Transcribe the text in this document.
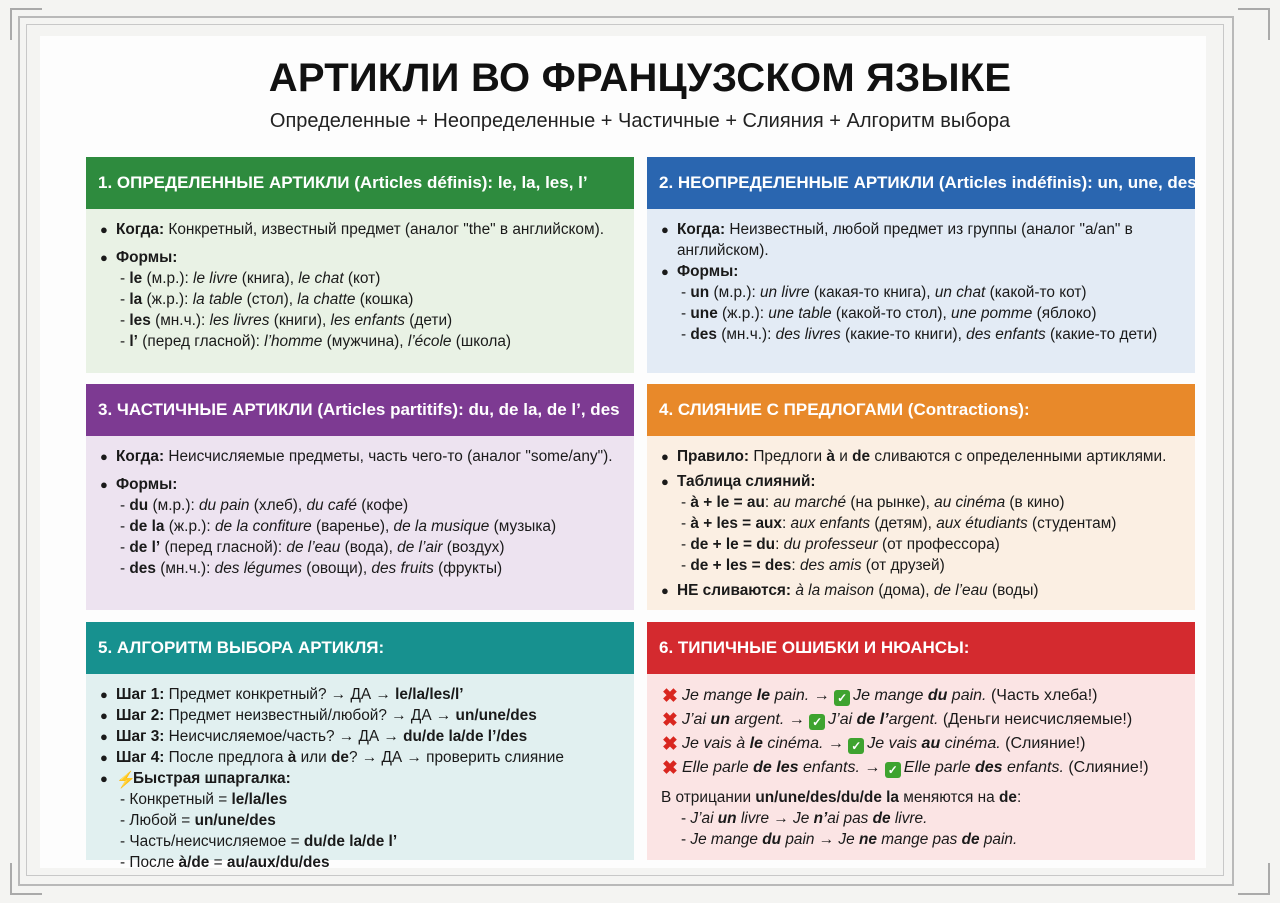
АРТИКЛИ ВО ФРАНЦУЗСКОМ ЯЗЫКЕ
Определенные + Неопределенные + Частичные + Слияния + Алгоритм выбора
1. ОПРЕДЕЛЕННЫЕ АРТИКЛИ (Articles définis): le, la, les, l’
● Когда: Конкретный, известный предмет (аналог "the" в английском).
● Формы:
- le (м.р.): le livre (книга), le chat (кот)
- la (ж.р.): la table (стол), la chatte (кошка)
- les (мн.ч.): les livres (книги), les enfants (дети)
- l’ (перед гласной): l’homme (мужчина), l’école (школа)
2. НЕОПРЕДЕЛЕННЫЕ АРТИКЛИ (Articles indéfinis): un, une, des
● Когда: Неизвестный, любой предмет из группы (аналог "a/an" в английском).
● Формы:
- un (м.р.): un livre (какая-то книга), un chat (какой-то кот)
- une (ж.р.): une table (какой-то стол), une pomme (яблоко)
- des (мн.ч.): des livres (какие-то книги), des enfants (какие-то дети)
3. ЧАСТИЧНЫЕ АРТИКЛИ (Articles partitifs): du, de la, de l’, des
● Когда: Неисчисляемые предметы, часть чего-то (аналог "some/any").
● Формы:
- du (м.р.): du pain (хлеб), du café (кофе)
- de la (ж.р.): de la confiture (варенье), de la musique (музыка)
- de l’ (перед гласной): de l’eau (вода), de l’air (воздух)
- des (мн.ч.): des légumes (овощи), des fruits (фрукты)
4. СЛИЯНИЕ С ПРЕДЛОГАМИ (Contractions):
● Правило: Предлоги à и de сливаются с определенными артиклями.
● Таблица слияний:
- à + le = au: au marché (на рынке), au cinéma (в кино)
- à + les = aux: aux enfants (детям), aux étudiants (студентам)
- de + le = du: du professeur (от профессора)
- de + les = des: des amis (от друзей)
● НЕ сливаются: à la maison (дома), de l’eau (воды)
5. АЛГОРИТМ ВЫБОРА АРТИКЛЯ:
● Шаг 1: Предмет конкретный? → ДА → le/la/les/l’
● Шаг 2: Предмет неизвестный/любой? → ДА → un/une/des
● Шаг 3: Неисчисляемое/часть? → ДА → du/de la/de l’/des
● Шаг 4: После предлога à или de? → ДА → проверить слияние
● ⚡Быстрая шпаргалка:
- Конкретный = le/la/les
- Любой = un/une/des
- Часть/неисчисляемое = du/de la/de l’
- После à/de = au/aux/du/des
6. ТИПИЧНЫЕ ОШИБКИ И НЮАНСЫ:
✖ Je mange le pain. → ✓ Je mange du pain. (Часть хлеба!)
✖ J’ai un argent. → ✓ J’ai de l’argent. (Деньги неисчисляемые!)
✖ Je vais à le cinéma. → ✓ Je vais au cinéma. (Слияние!)
✖ Elle parle de les enfants. → ✓ Elle parle des enfants. (Слияние!)
В отрицании un/une/des/du/de la меняются на de:
- J’ai un livre → Je n’ai pas de livre.
- Je mange du pain → Je ne mange pas de pain.
